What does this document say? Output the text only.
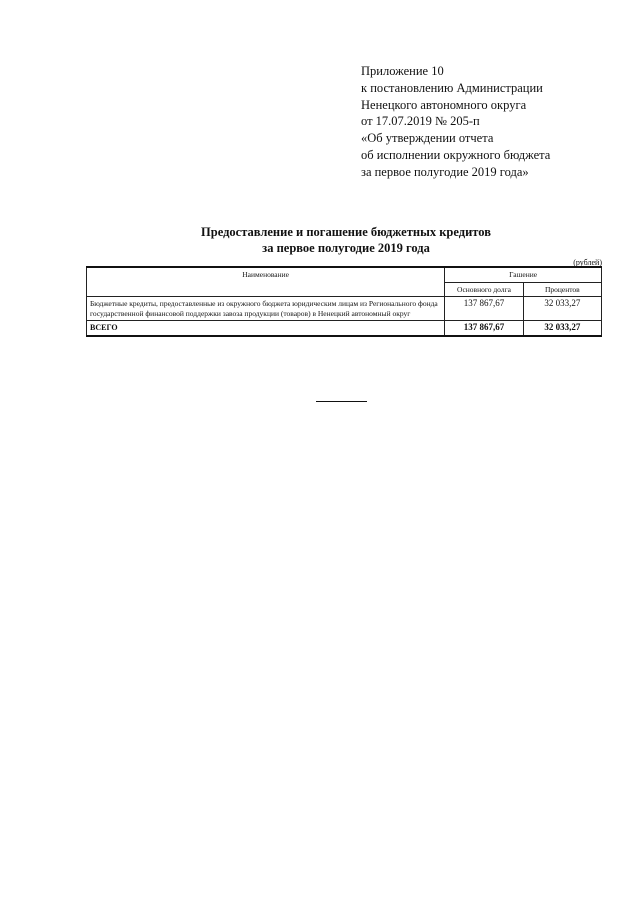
Приложение 10
к постановлению Администрации
Ненецкого автономного округа
от 17.07.2019 № 205-п
«Об утверждении отчета
об исполнении окружного бюджета
за первое полугодие 2019 года»
Предоставление и погашение бюджетных кредитов
за первое полугодие 2019 года
(рублей)
Наименование	Гашение	
	Основного долга	Процентов
Бюджетные кредиты, предоставленные из окружного бюджета юридическим лицам из Регионального фонда государственной финансовой поддержки завоза продукции (товаров) в Ненецкий автономный округ	137 867,67	32 033,27
ВСЕГО	137 867,67	32 033,27
